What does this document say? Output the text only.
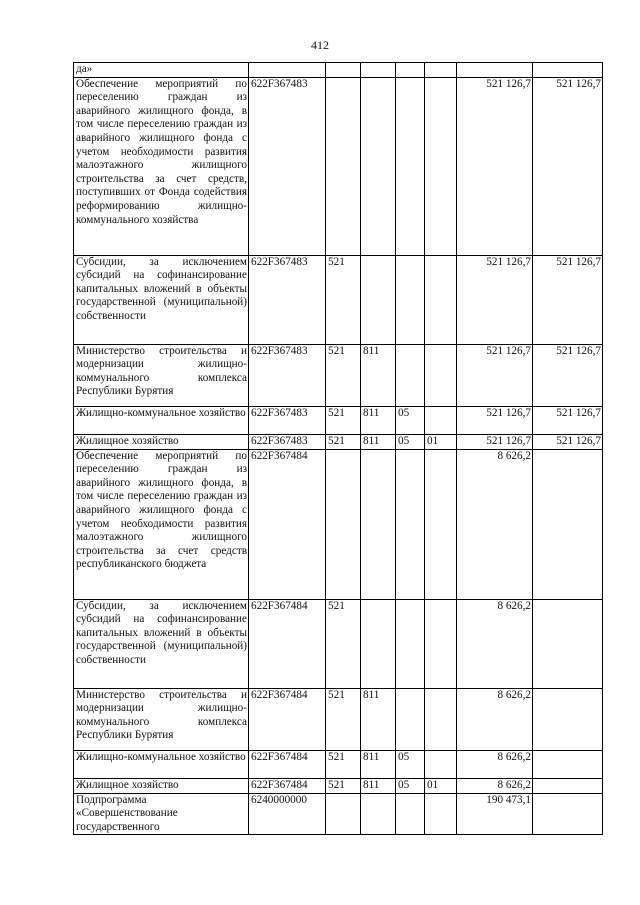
412
да»							
Обеспечение мероприятий по переселению граждан из аварийного жилищного фонда, в том числе переселению граждан из аварийного жилищного фонда с учетом необходимости развития малоэтажного жилищного строительства за счет средств, поступивших от Фонда содействия реформированию жилищно-коммунального хозяйства	622F367483					521 126,7	521 126,7
Субсидии, за исключением субсидий на софинансирование капитальных вложений в объекты государственной (муниципальной) собственности	622F367483	521				521 126,7	521 126,7
Министерство строительства и модернизации жилищно-коммунального комплекса Республики Бурятия	622F367483	521	811			521 126,7	521 126,7
Жилищно-коммунальное хозяйство	622F367483	521	811	05		521 126,7	521 126,7
Жилищное хозяйство	622F367483	521	811	05	01	521 126,7	521 126,7
Обеспечение мероприятий по переселению граждан из аварийного жилищного фонда, в том числе переселению граждан из аварийного жилищного фонда с учетом необходимости развития малоэтажного жилищного строительства за счет средств республиканского бюджета	622F367484					8 626,2	
Субсидии, за исключением субсидий на софинансирование капитальных вложений в объекты государственной (муниципальной) собственности	622F367484	521				8 626,2	
Министерство строительства и модернизации жилищно-коммунального комплекса Республики Бурятия	622F367484	521	811			8 626,2	
Жилищно-коммунальное хозяйство	622F367484	521	811	05		8 626,2	
Жилищное хозяйство	622F367484	521	811	05	01	8 626,2	
Подпрограмма «Совершенствование государственного	6240000000					190 473,1	
